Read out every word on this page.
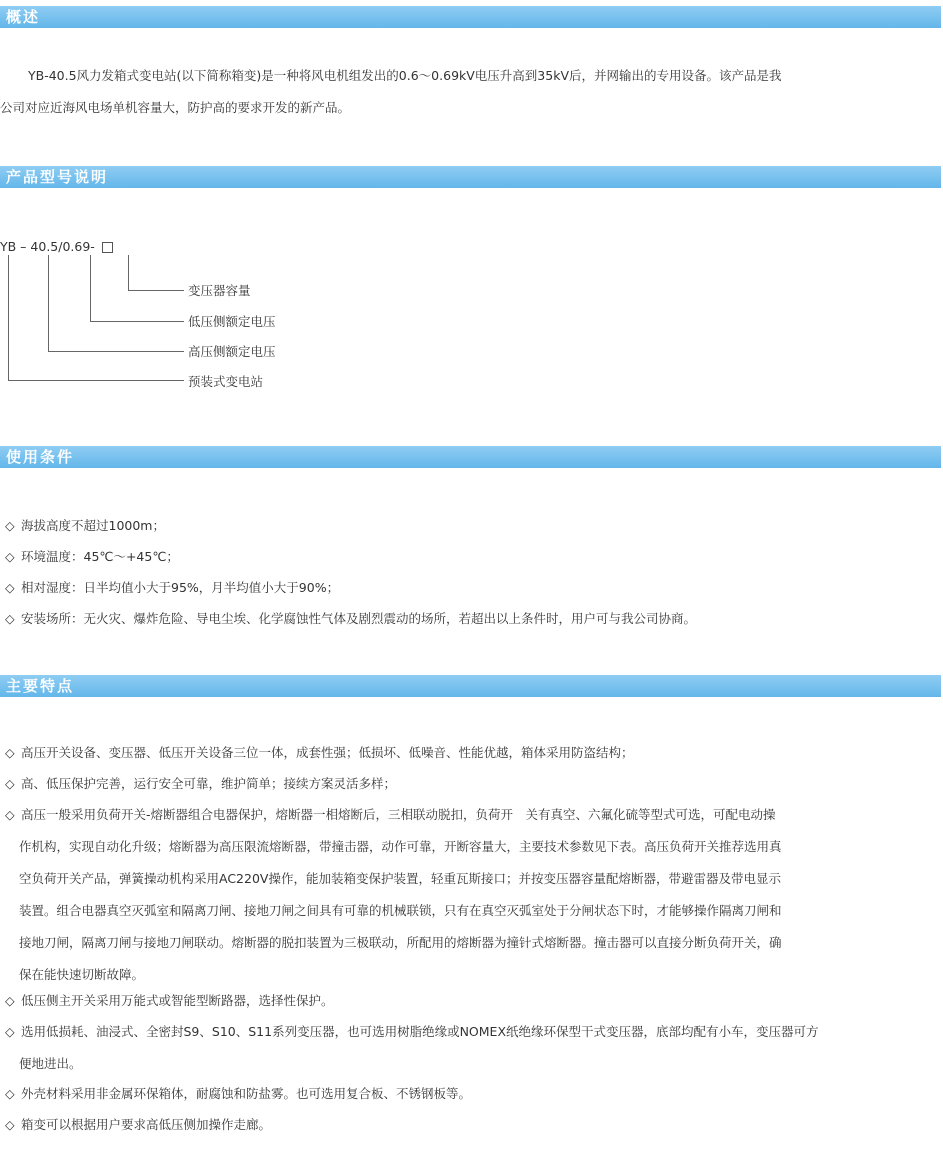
概述
YB-40.5风力发箱式变电站(以下简称箱变)是一种将风电机组发出的0.6～0.69kV电压升高到35kV后，并网输出的专用设备。该产品是我
公司对应近海风电场单机容量大，防护高的要求开发的新产品。
产品型号说明
YB – 40.5/0.69-
变压器容量
低压侧额定电压
高压侧额定电压
预装式变电站
使用条件
◇ 海拔高度不超过1000m；
◇ 环境温度：45℃～+45℃；
◇ 相对湿度：日半均值小大于95%，月半均值小大于90%；
◇ 安装场所：无火灾、爆炸危险、导电尘埃、化学腐蚀性气体及剧烈震动的场所，若超出以上条件时，用户可与我公司协商。
主要特点
◇ 高压开关设备、变压器、低压开关设备三位一体，成套性强；低损坏、低噪音、性能优越，箱体采用防盗结构；
◇ 高、低压保护完善，运行安全可靠，维护简单；接续方案灵活多样；
◇ 高压一般采用负荷开关-熔断器组合电器保护，熔断器一相熔断后，三相联动脱扣，负荷开　关有真空、六氟化硫等型式可选，可配电动操
作机构，实现自动化升级；熔断器为高压限流熔断器，带撞击器，动作可靠，开断容量大，主要技术参数见下表。高压负荷开关推荐选用真
空负荷开关产品，弹簧操动机构采用AC220V操作，能加装箱变保护装置，轻重瓦斯接口；并按变压器容量配熔断器，带避雷器及带电显示
装置。组合电器真空灭弧室和隔离刀闸、接地刀闸之间具有可靠的机械联锁，只有在真空灭弧室处于分闸状态下时，才能够操作隔离刀闸和
接地刀闸，隔离刀闸与接地刀闸联动。熔断器的脱扣装置为三极联动，所配用的熔断器为撞针式熔断器。撞击器可以直接分断负荷开关，确
保在能快速切断故障。
◇ 低压侧主开关采用万能式或智能型断路器，选择性保护。
◇ 选用低损耗、油浸式、全密封S9、S10、S11系列变压器，也可选用树脂绝缘或NOMEX纸绝缘环保型干式变压器，底部均配有小车，变压器可方
便地进出。
◇ 外壳材料采用非金属环保箱体，耐腐蚀和防盐雾。也可选用复合板、不锈钢板等。
◇ 箱变可以根据用户要求高低压侧加操作走廊。
